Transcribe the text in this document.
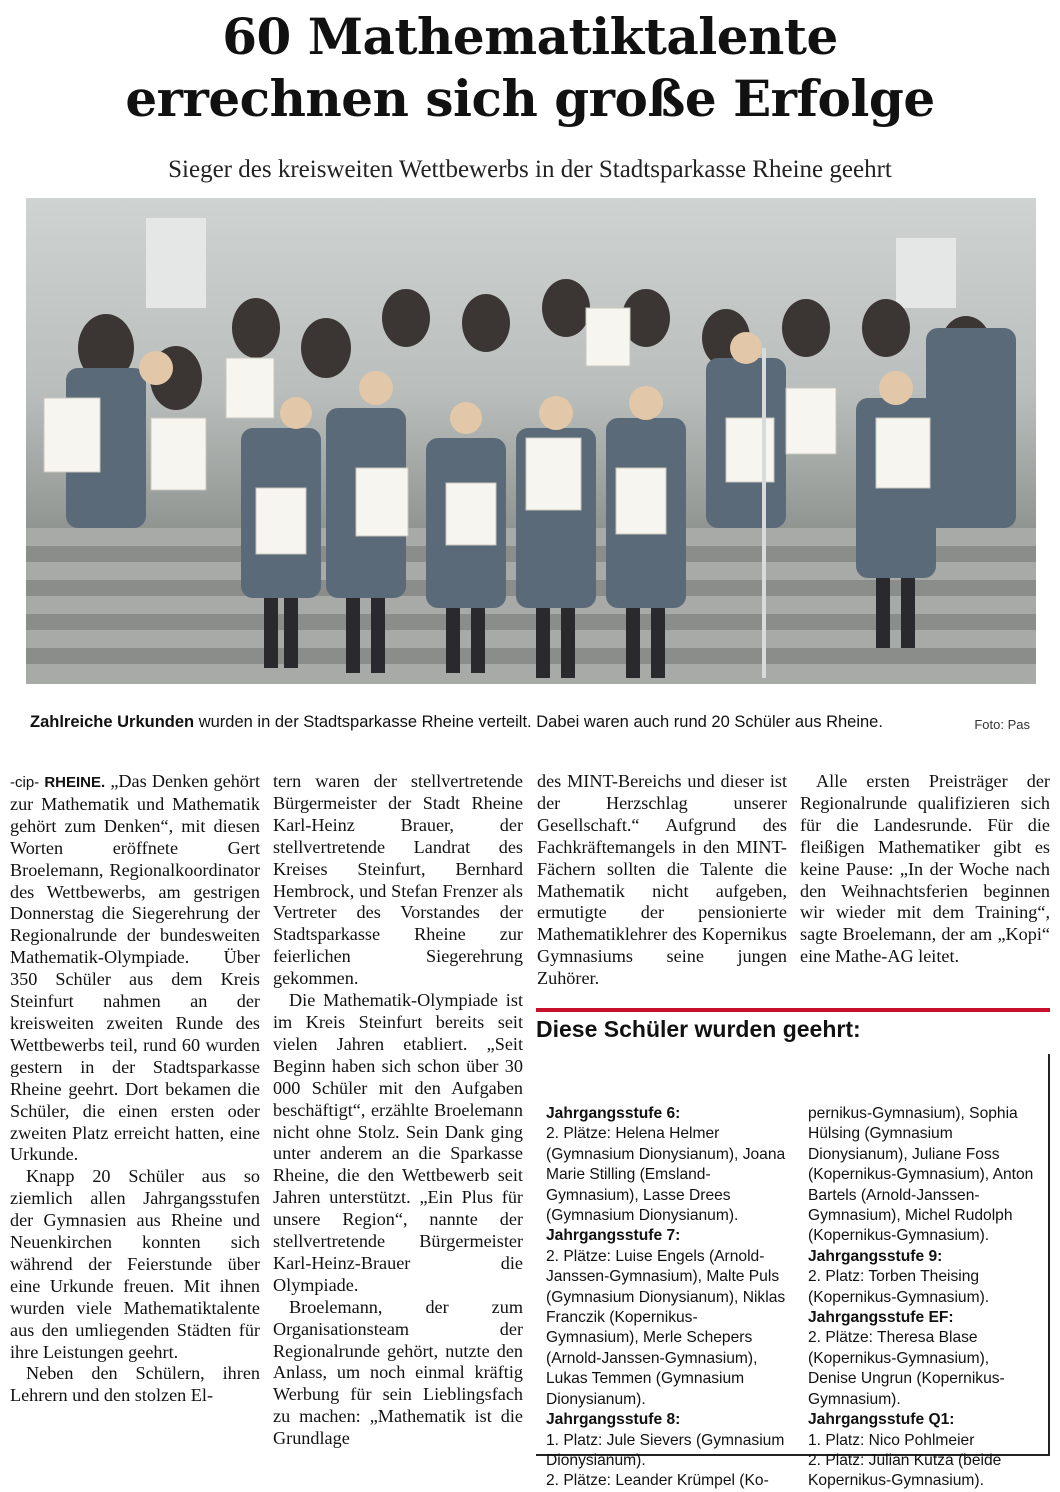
60 Mathematiktalente
errechnen sich große Erfolge
Sieger des kreisweiten Wettbewerbs in der Stadtsparkasse Rheine geehrt
Zahlreiche Urkunden wurden in der Stadtsparkasse Rheine verteilt. Dabei waren auch rund 20 Schüler aus Rheine.	Foto: Pas

-cip- RHEINE. „Das Denken gehört zur Mathematik und Mathematik gehört zum Denken“, mit diesen Worten eröffnete Gert Broelemann, Regionalkoordinator des Wettbewerbs, am gestrigen Donnerstag die Siegerehrung der Regionalrunde der bundesweiten Mathematik-Olympiade. Über 350 Schüler aus dem Kreis Steinfurt nahmen an der kreisweiten zweiten Runde des Wettbewerbs teil, rund 60 wurden gestern in der Stadtsparkasse Rheine geehrt. Dort bekamen die Schüler, die einen ersten oder zweiten Platz erreicht hatten, eine Urkunde.

Knapp 20 Schüler aus so ziemlich allen Jahrgangsstufen der Gymnasien aus Rheine und Neuenkirchen konnten sich während der Feierstunde über eine Urkunde freuen. Mit ihnen wurden viele Mathematiktalente aus den umliegenden Städten für ihre Leistungen geehrt.

Neben den Schülern, ihren Lehrern und den stolzen El-

tern waren der stellvertretende Bürgermeister der Stadt Rheine Karl-Heinz Brauer, der stellvertretende Landrat des Kreises Steinfurt, Bernhard Hembrock, und Stefan Frenzer als Vertreter des Vorstandes der Stadtsparkasse Rheine zur feierlichen Siegerehrung gekommen.

Die Mathematik-Olympiade ist im Kreis Steinfurt bereits seit vielen Jahren etabliert. „Seit Beginn haben sich schon über 30 000 Schüler mit den Aufgaben beschäftigt“, erzählte Broelemann nicht ohne Stolz. Sein Dank ging unter anderem an die Sparkasse Rheine, die den Wettbewerb seit Jahren unterstützt. „Ein Plus für unsere Region“, nannte der stellvertretende Bürgermeister Karl-Heinz-Brauer die Olympiade.

Broelemann, der zum Organisationsteam der Regionalrunde gehört, nutzte den Anlass, um noch einmal kräftig Werbung für sein Lieblingsfach zu machen: „Mathematik ist die Grundlage

des MINT-Bereichs und dieser ist der Herzschlag unserer Gesellschaft.“ Aufgrund des Fachkräftemangels in den MINT-Fächern sollten die Talente die Mathematik nicht aufgeben, ermutigte der pensionierte Mathematiklehrer des Kopernikus Gymnasiums seine jungen Zuhörer.

Alle ersten Preisträger der Regionalrunde qualifizieren sich für die Landesrunde. Für die fleißigen Mathematiker gibt es keine Pause: „In der Woche nach den Weihnachtsferien beginnen wir wieder mit dem Training“, sagte Broelemann, der am „Kopi“ eine Mathe-AG leitet.

Diese Schüler wurden geehrt:

Jahrgangsstufe 6:

2. Plätze: Helena Helmer (Gymnasium Dionysianum), Joana Marie Stilling (Emsland-Gymnasium), Lasse Drees (Gymnasium Dionysianum).

Jahrgangsstufe 7:

2. Plätze: Luise Engels (Arnold-Janssen-Gymnasium), Malte Puls (Gymnasium Dionysianum), Niklas Franczik (Kopernikus-Gymnasium), Merle Schepers (Arnold-Janssen-Gymnasium), Lukas Temmen (Gymnasium Dionysianum).

Jahrgangsstufe 8:

1. Platz: Jule Sievers (Gymnasium Dionysianum).

2. Plätze: Leander Krümpel (Ko-

pernikus-Gymnasium), Sophia Hülsing (Gymnasium Dionysianum), Juliane Foss (Kopernikus-Gymnasium), Anton Bartels (Arnold-Janssen-Gymnasium), Michel Rudolph (Kopernikus-Gymnasium).

Jahrgangsstufe 9:

2. Platz: Torben Theising (Kopernikus-Gymnasium).

Jahrgangsstufe EF:

2. Plätze: Theresa Blase (Kopernikus-Gymnasium), Denise Ungrun (Kopernikus-Gymnasium).

Jahrgangsstufe Q1:

1. Platz: Nico Pohlmeier

2. Platz: Julian Kutza (beide Kopernikus-Gymnasium).
